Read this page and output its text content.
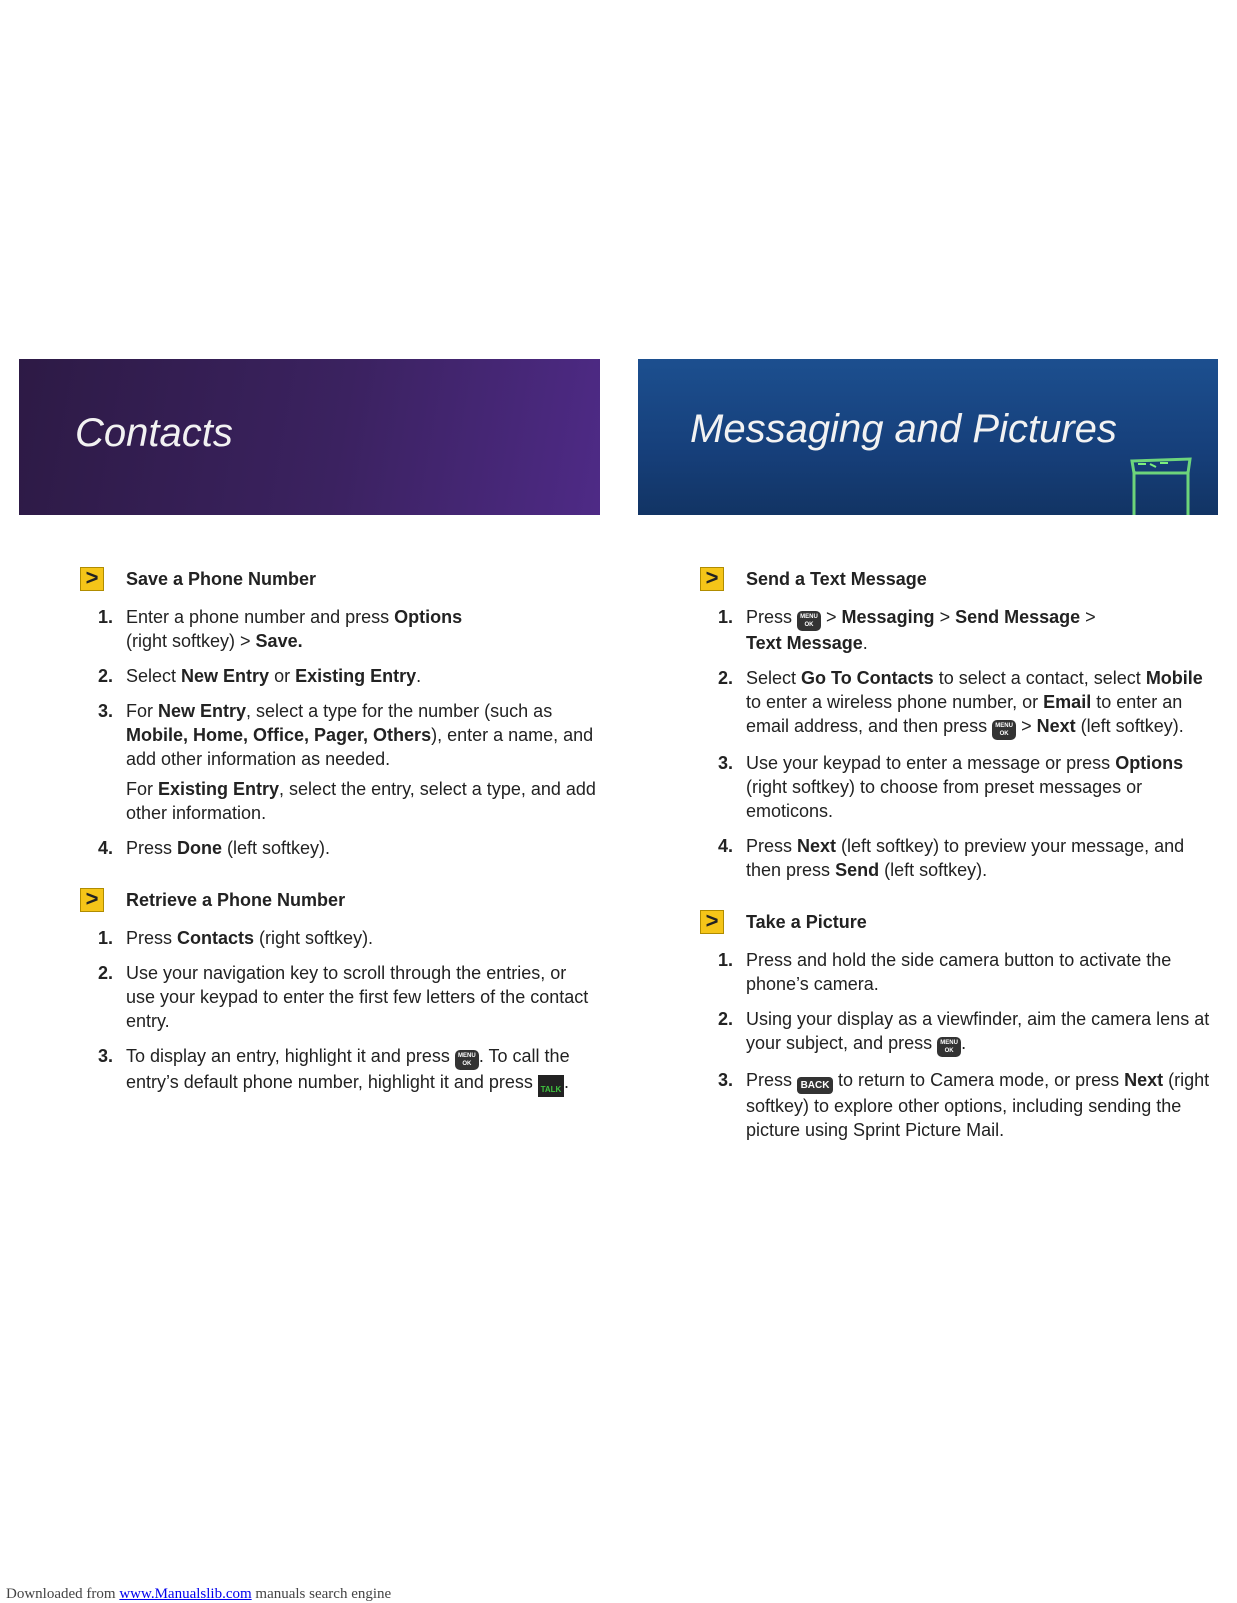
Contacts	Messaging and Pictures
>	Save a Phone Number
1. Enter a phone number and press Options
(right softkey) > Save.
2. Select New Entry or Existing Entry.
3. For New Entry, select a type for the number (such as Mobile, Home, Office, Pager, Others), enter a name, and add other information as needed.
For Existing Entry, select the entry, select a type, and add other information.
4. Press Done (left softkey).
>	Retrieve a Phone Number
1. Press Contacts (right softkey).
2. Use your navigation key to scroll through the entries, or use your keypad to enter the first few letters of the contact entry.
3. To display an entry, highlight it and press MENU
OK . To call the entry’s default phone number, highlight it and press TALK .
>	Send a Text Message
1. Press MENU
OK > Messaging > Send Message >
Text Message.
2. Select Go To Contacts to select a contact, select Mobile to enter a wireless phone number, or Email to enter an email address, and then press MENU
OK > Next (left softkey).
3. Use your keypad to enter a message or press Options (right softkey) to choose from preset messages or emoticons.
4. Press Next (left softkey) to preview your message, and then press Send (left softkey).
>	Take a Picture
1. Press and hold the side camera button to activate the phone’s camera.
2. Using your display as a viewfinder, aim the camera lens at your subject, and press MENU
OK .
3. Press BACK to return to Camera mode, or press Next (right softkey) to explore other options, including sending the picture using Sprint Picture Mail.
Downloaded from www.Manualslib.com manuals search engine
